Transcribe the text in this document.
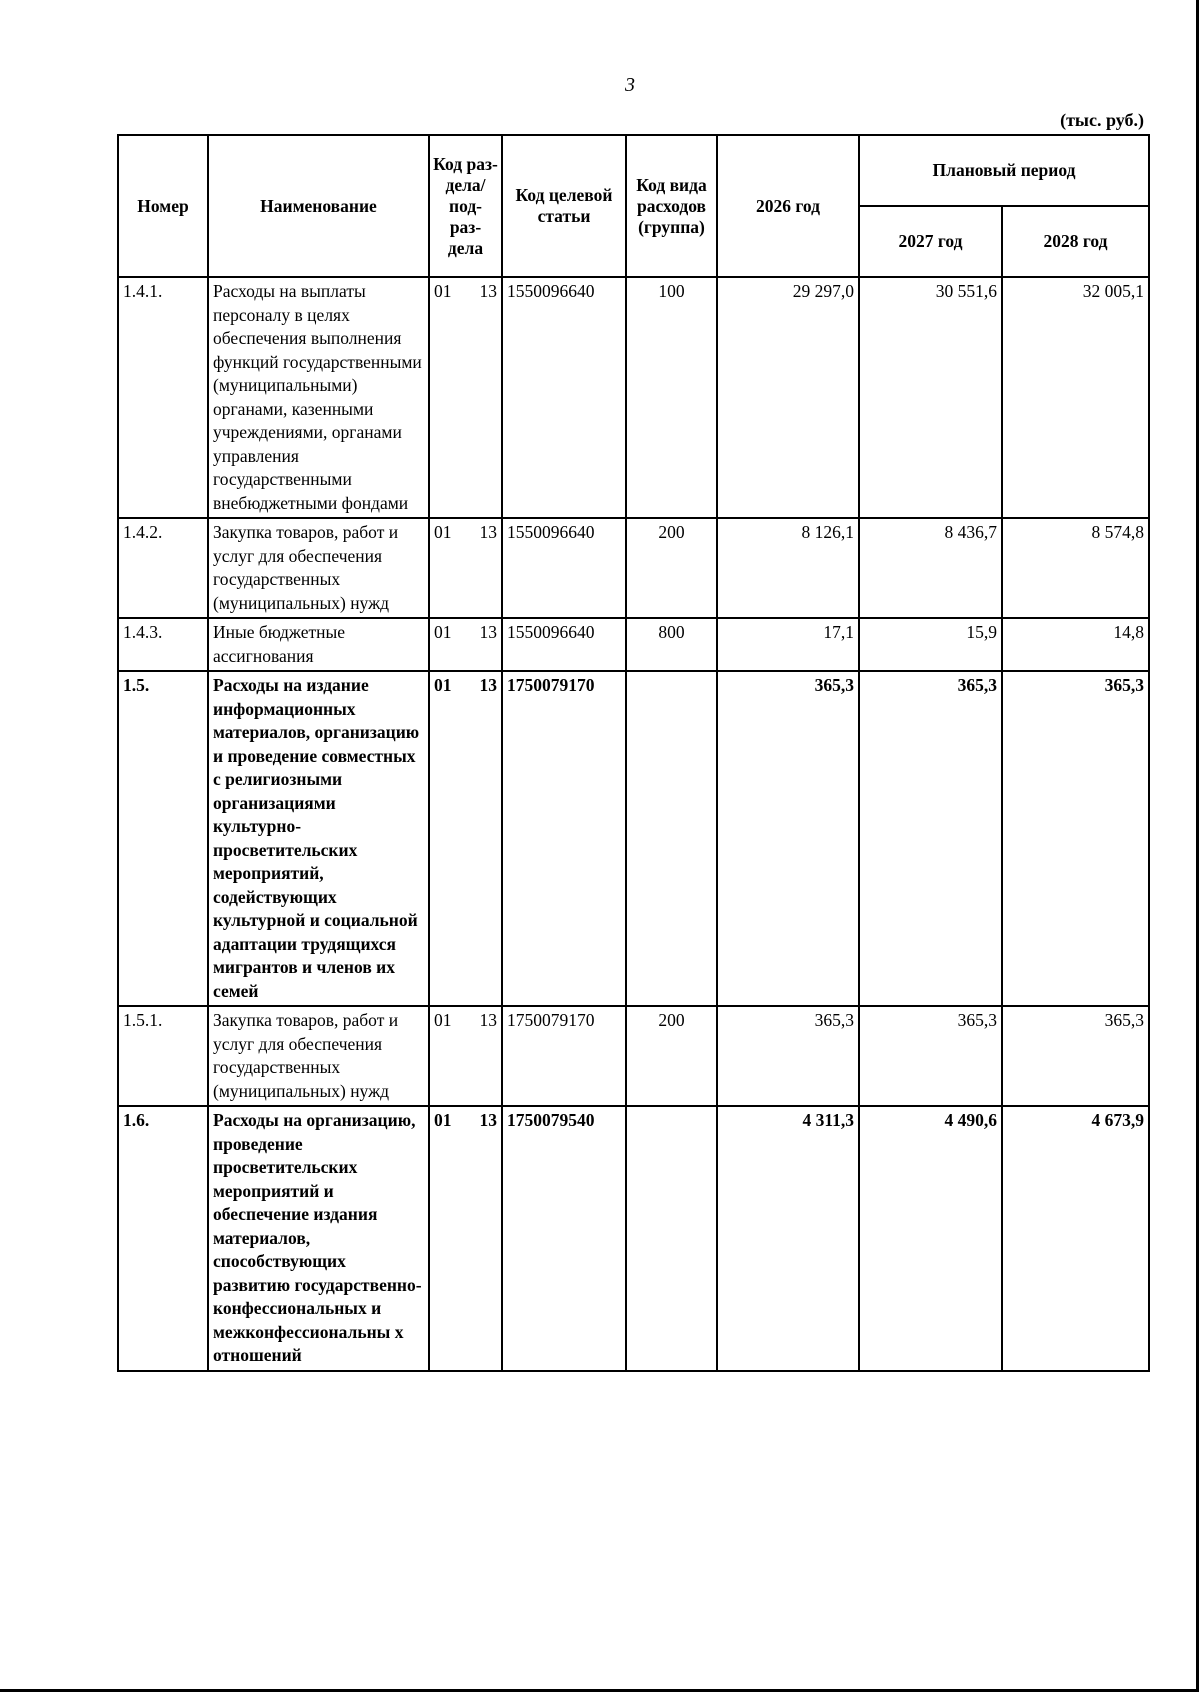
3
(тыс. руб.)
Номер	Наименование	Код раз- дела/ под- раз- дела	Код целевой статьи	Код вида расходов (группа)	2026 год	Плановый период	
						2027 год	2028 год
1.4.1.	Расходы на выплаты персоналу в целях обеспечения выполнения функций государственными (муниципальными) органами, казенными учреждениями, органами управления государственными внебюджетными фондами	01 13	1550096640	100	29 297,0	30 551,6	32 005,1
1.4.2.	Закупка товаров, работ и услуг для обеспечения государственных (муниципальных) нужд	01 13	1550096640	200	8 126,1	8 436,7	8 574,8
1.4.3.	Иные бюджетные ассигнования	01 13	1550096640	800	17,1	15,9	14,8
1.5.	Расходы на издание информационных материалов, организацию и проведение совместных с религиозными организациями культурно- просветительских мероприятий, содействующих культурной и социальной адаптации трудящихся мигрантов и членов их семей	01 13	1750079170		365,3	365,3	365,3
1.5.1.	Закупка товаров, работ и услуг для обеспечения государственных (муниципальных) нужд	01 13	1750079170	200	365,3	365,3	365,3
1.6.	Расходы на организацию, проведение просветительских мероприятий и обеспечение издания материалов, способствующих развитию государственно- конфессиональных и межконфессиональны х отношений	01 13	1750079540		4 311,3	4 490,6	4 673,9
